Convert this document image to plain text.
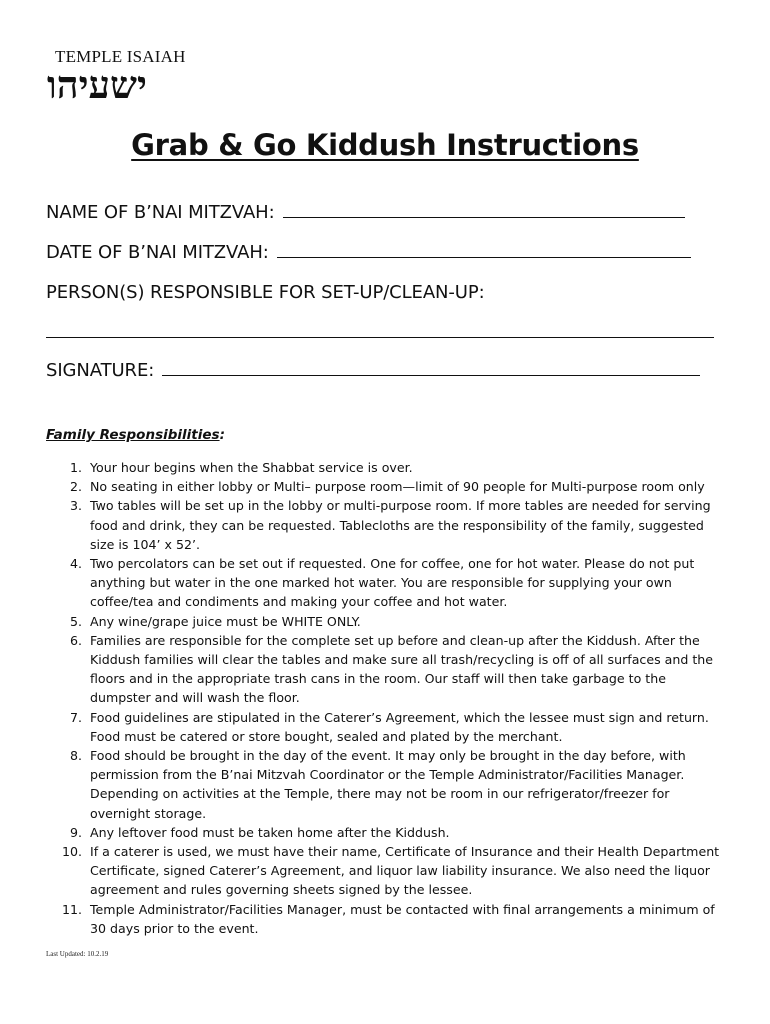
TEMPLE ISAIAH
ישעיהו
Grab & Go Kiddush Instructions
NAME OF B’NAI MITZVAH:
DATE OF B’NAI MITZVAH:
PERSON(S) RESPONSIBLE FOR SET-UP/CLEAN-UP:
SIGNATURE:
Family Responsibilities:
1. Your hour begins when the Shabbat service is over.
2. No seating in either lobby or Multi– purpose room—limit of 90 people for Multi-purpose room only
3. Two tables will be set up in the lobby or multi-purpose room. If more tables are needed for serving food and drink, they can be requested. Tablecloths are the responsibility of the family, suggested size is 104’ x 52’.
4. Two percolators can be set out if requested. One for coffee, one for hot water. Please do not put anything but water in the one marked hot water. You are responsible for supplying your own coffee/tea and condiments and making your coffee and hot water.
5. Any wine/grape juice must be WHITE ONLY.
6. Families are responsible for the complete set up before and clean-up after the Kiddush. After the Kiddush families will clear the tables and make sure all trash/recycling is off of all surfaces and the floors and in the appropriate trash cans in the room. Our staff will then take garbage to the dumpster and will wash the floor.
7. Food guidelines are stipulated in the Caterer’s Agreement, which the lessee must sign and return. Food must be catered or store bought, sealed and plated by the merchant.
8. Food should be brought in the day of the event. It may only be brought in the day before, with permission from the B’nai Mitzvah Coordinator or the Temple Administrator/Facilities Manager. Depending on activities at the Temple, there may not be room in our refrigerator/freezer for overnight storage.
9. Any leftover food must be taken home after the Kiddush.
10. If a caterer is used, we must have their name, Certificate of Insurance and their Health Department Certificate, signed Caterer’s Agreement, and liquor law liability insurance. We also need the liquor agreement and rules governing sheets signed by the lessee.
11. Temple Administrator/Facilities Manager, must be contacted with final arrangements a minimum of 30 days prior to the event.
Last Updated: 10.2.19
